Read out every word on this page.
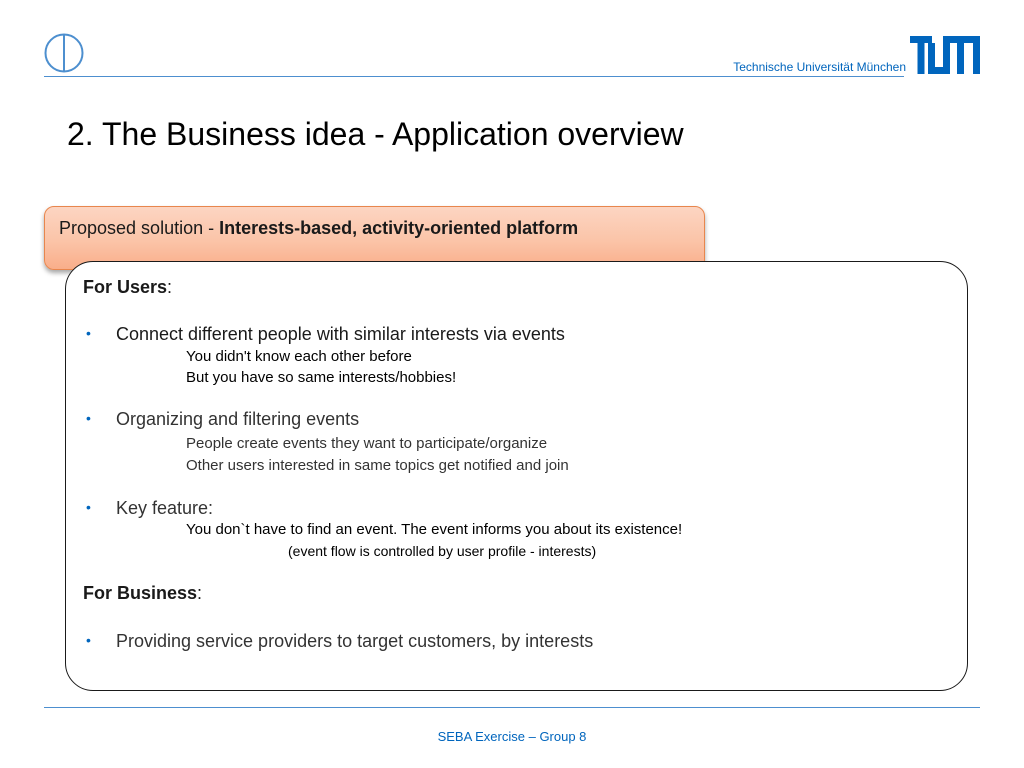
Technische Universität München
2. The Business idea - Application overview
Proposed solution - Interests-based, activity-oriented platform
For Users:
• Connect different people with similar interests via events
You didn't know each other before
But you have so same interests/hobbies!
• Organizing and filtering events
People create events they want to participate/organize
Other users interested in same topics get notified and join
• Key feature:
You don`t have to find an event. The event informs you about its existence!
(event flow is controlled by user profile - interests)
For Business:
• Providing service providers to target customers, by interests
SEBA Exercise – Group 8
